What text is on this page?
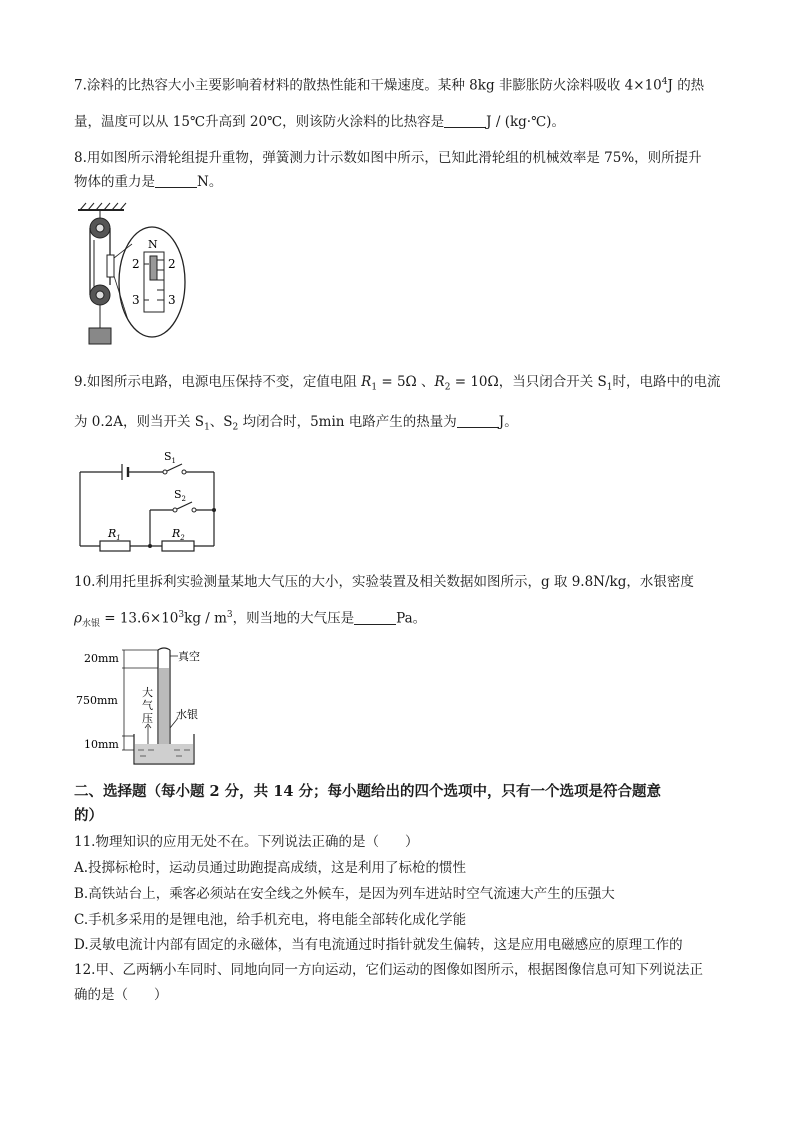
7.涂料的比热容大小主要影响着材料的散热性能和干燥速度。某种 8kg 非膨胀防火涂料吸收 $4\times 10^4J$ 的热
量，温度可以从 15℃升高到 20℃，则该防火涂料的比热容是	J / (kg·℃)。
8.用如图所示滑轮组提升重物，弹簧测力计示数如图中所示，已知此滑轮组的机械效率是 75%，则所提升
物体的重力是	N。
N
2
3
2
3
9.如图所示电路，电源电压保持不变，定值电阻 $R_1 = 5\Omega$ 、$R_2 = 10\Omega$，当只闭合开关 $S_1$时，电路中的电流
为 0.2A，则当开关 $S_1$、$S_2$ 均闭合时，5min 电路产生的热量为	J。
$S_1$
$R_1$	$R_2$
$S_2$
10.利用托里拆利实验测量某地大气压的大小，实验装置及相关数据如图所示，g 取 9.8N/kg，水银密度
$\rho_{水银} = 13.6\times 10^3kg / m^3$，则当地的大气压是	Pa。
20mm
750mm
10mm
真空
大
气
压 水银
二、选择题（每小题 2 分，共 14 分；每小题给出的四个选项中，只有一个选项是符合题意
的）
11.物理知识的应用无处不在。下列说法正确的是（ ）
A.投掷标枪时，运动员通过助跑提高成绩，这是利用了标枪的惯性
B.高铁站台上，乘客必须站在安全线之外候车，是因为列车进站时空气流速大产生的压强大
C.手机多采用的是锂电池，给手机充电，将电能全部转化成化学能
D.灵敏电流计内部有固定的永磁体，当有电流通过时指针就发生偏转，这是应用电磁感应的原理工作的
12.甲、乙两辆小车同时、同地向同一方向运动，它们运动的图像如图所示，根据图像信息可知下列说法正
确的是（ ）
